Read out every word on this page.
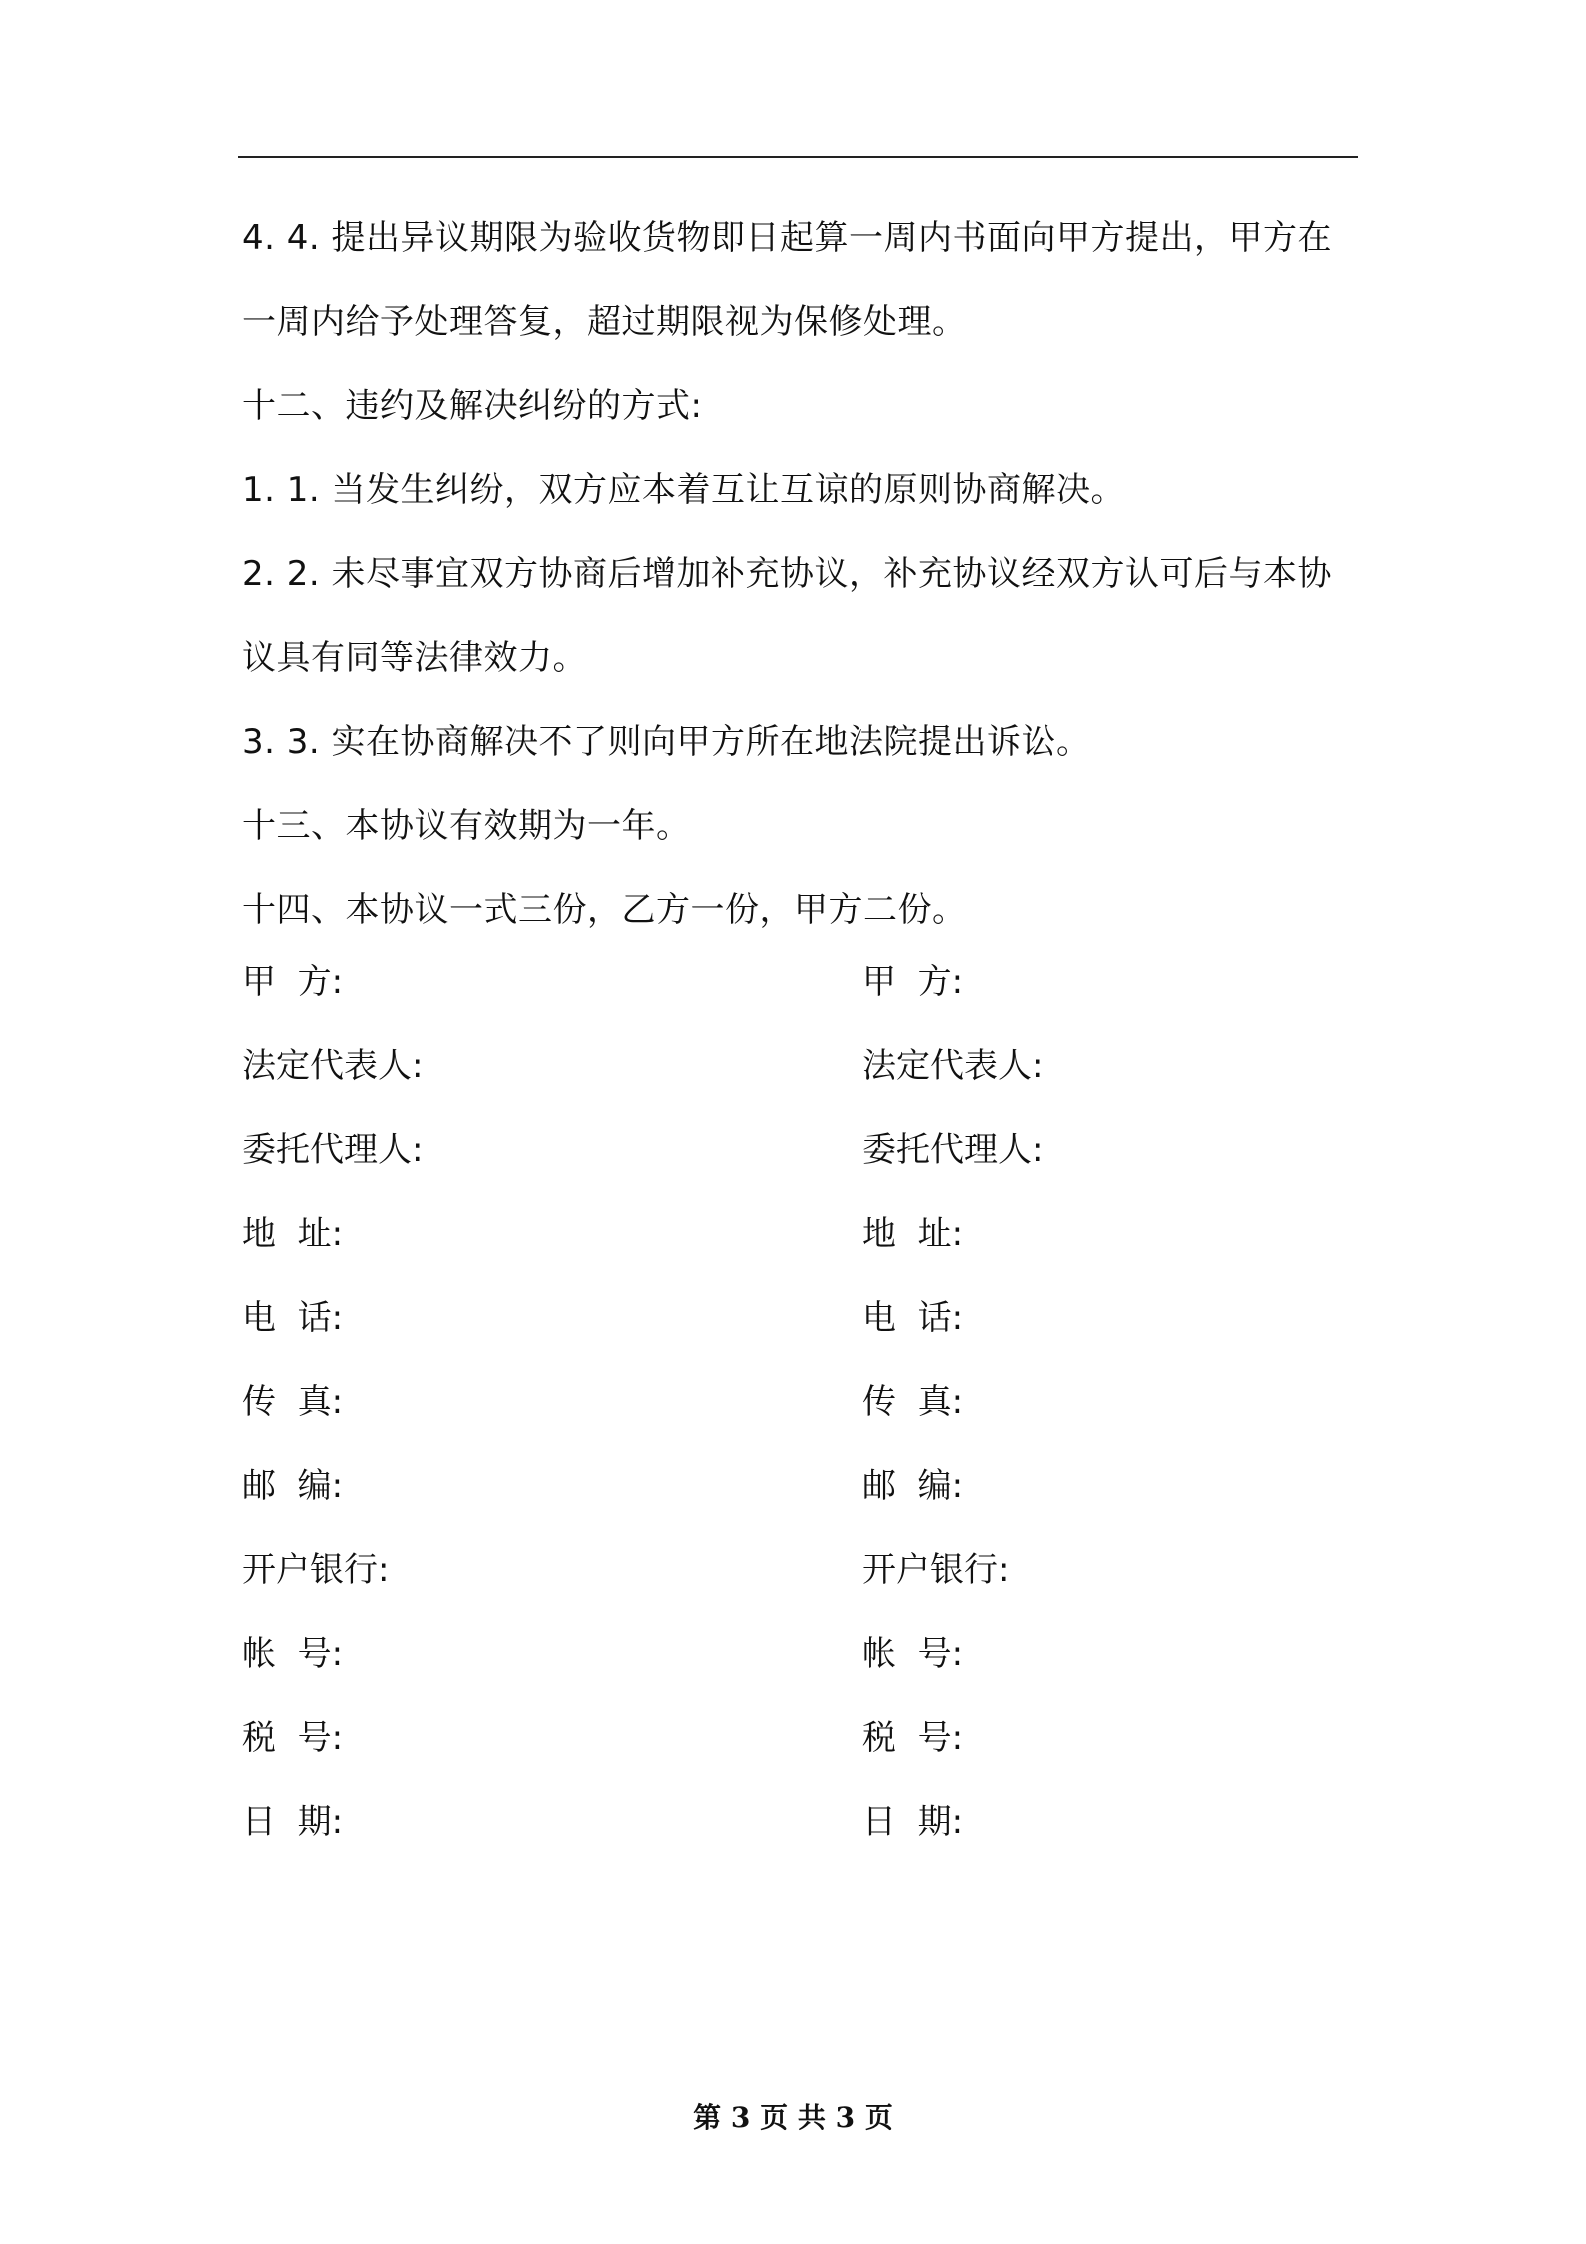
4. 4. 提出异议期限为验收货物即日起算一周内书面向甲方提出，甲方在一周内给予处理答复，超过期限视为保修处理。

十二、违约及解决纠纷的方式:

1. 1. 当发生纠纷，双方应本着互让互谅的原则协商解决。

2. 2. 未尽事宜双方协商后增加补充协议，补充协议经双方认可后与本协议具有同等法律效力。

3. 3. 实在协商解决不了则向甲方所在地法院提出诉讼。

十三、本协议有效期为一年。

十四、本协议一式三份，乙方一份，甲方二份。

甲  方:	甲  方:
法定代表人:	法定代表人:
委托代理人:	委托代理人:
地  址:	地  址:
电  话:	电  话:
传  真:	传  真:
邮  编:	邮  编:
开户银行:	开户银行:
帐  号:	帐  号:
税  号:	税  号:
日  期:	日  期:
第 3 页 共 3 页
